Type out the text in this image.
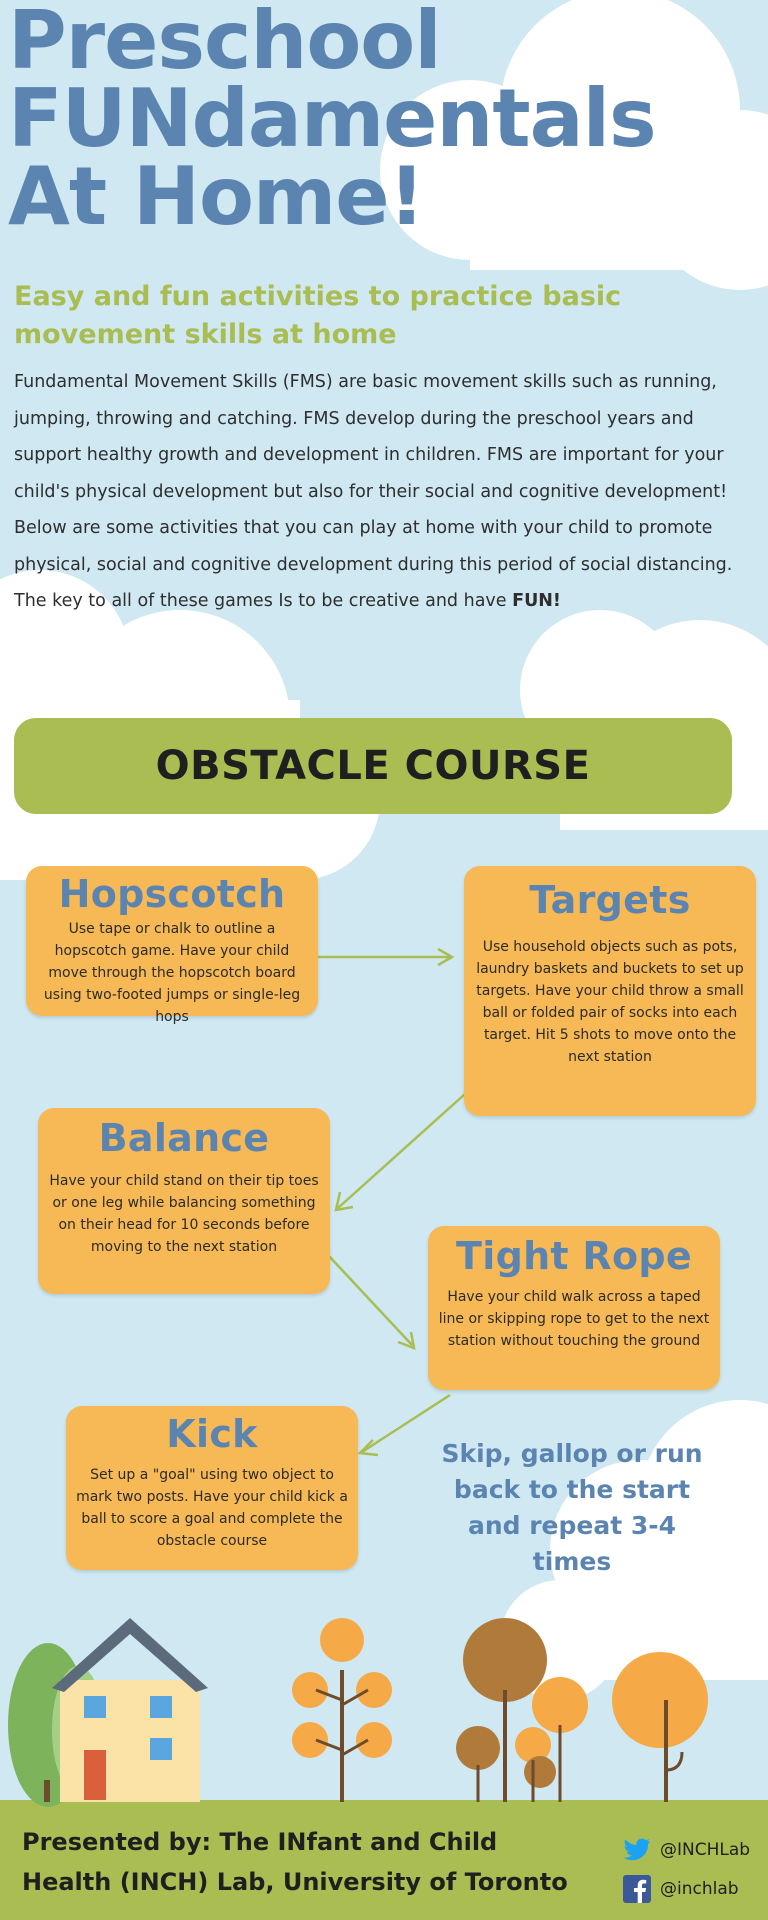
Preschool
FUNdamentals
At Home!
Easy and fun activities to practice basic
movement skills at home
Fundamental Movement Skills (FMS) are basic movement skills such as running, jumping, throwing and catching. FMS develop during the preschool years and support healthy growth and development in children. FMS are important for your child's physical development but also for their social and cognitive development! Below are some activities that you can play at home with your child to promote physical, social and cognitive development during this period of social distancing. The key to all of these games Is to be creative and have FUN!
OBSTACLE COURSE
Hopscotch

Use tape or chalk to outline a hopscotch game. Have your child move through the hopscotch board using two-footed jumps or single-leg hops

Targets

Use household objects such as pots, laundry baskets and buckets to set up targets. Have your child throw a small ball or folded pair of socks into each target. Hit 5 shots to move onto the next station

Balance

Have your child stand on their tip toes or one leg while balancing something on their head for 10 seconds before moving to the next station	Tight Rope

Have your child walk across a taped line or skipping rope to get to the next station without touching the ground

Kick

Set up a "goal" using two object to mark two posts. Have your child kick a ball to score a goal and complete the obstacle course

Skip, gallop or run back to the start and repeat 3-4 times
Presented by: The INfant and Child
Health (INCH) Lab, University of Toronto
@INCHLab
@inchlab
